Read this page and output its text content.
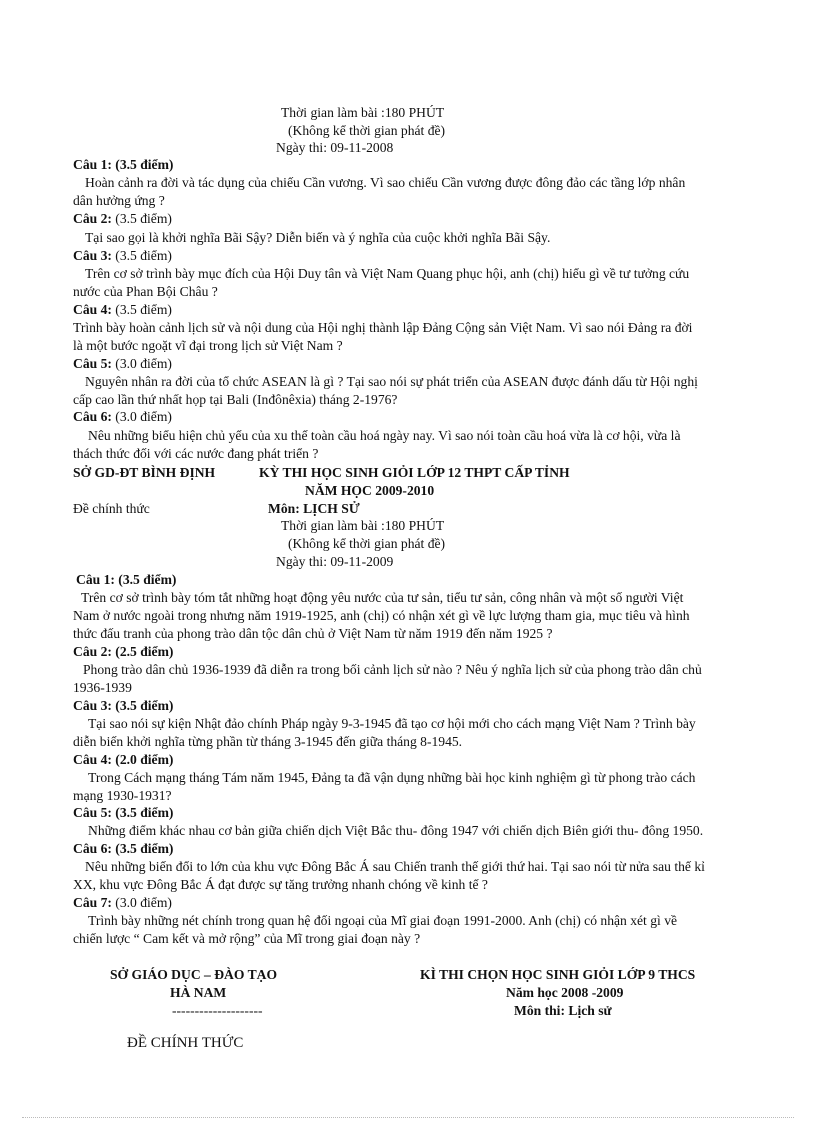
Thời gian làm bài :180 PHÚT
(Không kể thời gian phát đề)
Ngày thi: 09-11-2008
Câu 1: (3.5 điểm)
Hoàn cảnh ra đời và tác dụng của chiếu Cần vương. Vì sao chiếu Cần vương được đông đảo các tầng lớp nhân
dân hưởng ứng ?
Câu 2: (3.5 điểm)
Tại sao gọi là khởi nghĩa Bãi Sậy? Diễn biến và ý nghĩa của cuộc khởi nghĩa Bãi Sậy.
Câu 3: (3.5 điểm)
Trên cơ sở trình bày mục đích của Hội Duy tân và Việt Nam Quang phục hội, anh (chị) hiểu gì về tư tưởng cứu
nước của Phan Bội Châu ?
Câu 4: (3.5 điểm)
Trình bày hoàn cảnh lịch sử và nội dung của Hội nghị thành lập Đảng Cộng sản Việt Nam. Vì sao nói Đảng ra đời
là một bước ngoặt vĩ đại trong lịch sử Việt Nam ?
Câu 5: (3.0 điểm)
Nguyên nhân ra đời của tổ chức ASEAN là gì ? Tại sao nói sự phát triển của ASEAN được đánh dấu từ Hội nghị
cấp cao lần thứ nhất họp tại Bali (Inđônêxia) tháng 2-1976?
Câu 6: (3.0 điểm)
Nêu những biểu hiện chủ yếu của xu thế toàn cầu hoá ngày nay. Vì sao nói toàn cầu hoá vừa là cơ hội, vừa là
thách thức đối với các nước đang phát triển ?
SỞ GD-ĐT BÌNH ĐỊNH	KỲ THI HỌC SINH GIỎI LỚP 12 THPT CẤP TỈNH
NĂM HỌC 2009-2010
Đề chính thức	Môn: LỊCH SỬ
Thời gian làm bài :180 PHÚT
(Không kể thời gian phát đề)
Ngày thi: 09-11-2009
Câu 1: (3.5 điểm)
Trên cơ sở trình bày tóm tắt những hoạt động yêu nước của tư sản, tiểu tư sản, công nhân và một số người Việt
Nam ở nước ngoài trong nhưng năm 1919-1925, anh (chị) có nhận xét gì về lực lượng tham gia, mục tiêu và hình
thức đấu tranh của phong trào dân tộc dân chủ ở Việt Nam từ năm 1919 đến năm 1925 ?
Câu 2: (2.5 điểm)
Phong trào dân chủ 1936-1939 đã diễn ra trong bối cảnh lịch sử nào ? Nêu ý nghĩa lịch sử của phong trào dân chủ
1936-1939
Câu 3: (3.5 điểm)
Tại sao nói sự kiện Nhật đảo chính Pháp ngày 9-3-1945 đã tạo cơ hội mới cho cách mạng Việt Nam ? Trình bày
diễn biến khởi nghĩa từng phần từ tháng 3-1945 đến giữa tháng 8-1945.
Câu 4: (2.0 điểm)
Trong Cách mạng tháng Tám năm 1945, Đảng ta đã vận dụng những bài học kinh nghiệm gì từ phong trào cách
mạng 1930-1931?
Câu 5: (3.5 điểm)
Những điểm khác nhau cơ bản giữa chiến dịch Việt Bắc thu- đông 1947 với chiến dịch Biên giới thu- đông 1950.
Câu 6: (3.5 điểm)
Nêu những biến đổi to lớn của khu vực Đông Bắc Á sau Chiến tranh thế giới thứ hai. Tại sao nói từ nửa sau thế kỉ
XX, khu vực Đông Bắc Á đạt được sự tăng trưởng nhanh chóng về kinh tế ?
Câu 7: (3.0 điểm)
Trình bày những nét chính trong quan hệ đối ngoại của Mĩ giai đoạn 1991-2000. Anh (chị) có nhận xét gì về
chiến lược “ Cam kết và mở rộng” của Mĩ trong giai đoạn này ?
SỞ GIÁO DỤC – ĐÀO TẠO
HÀ NAM
--------------------
KÌ THI CHỌN HỌC SINH GIỎI LỚP 9 THCS
Năm học 2008 -2009
Môn thi: Lịch sử
ĐỀ CHÍNH THỨC
